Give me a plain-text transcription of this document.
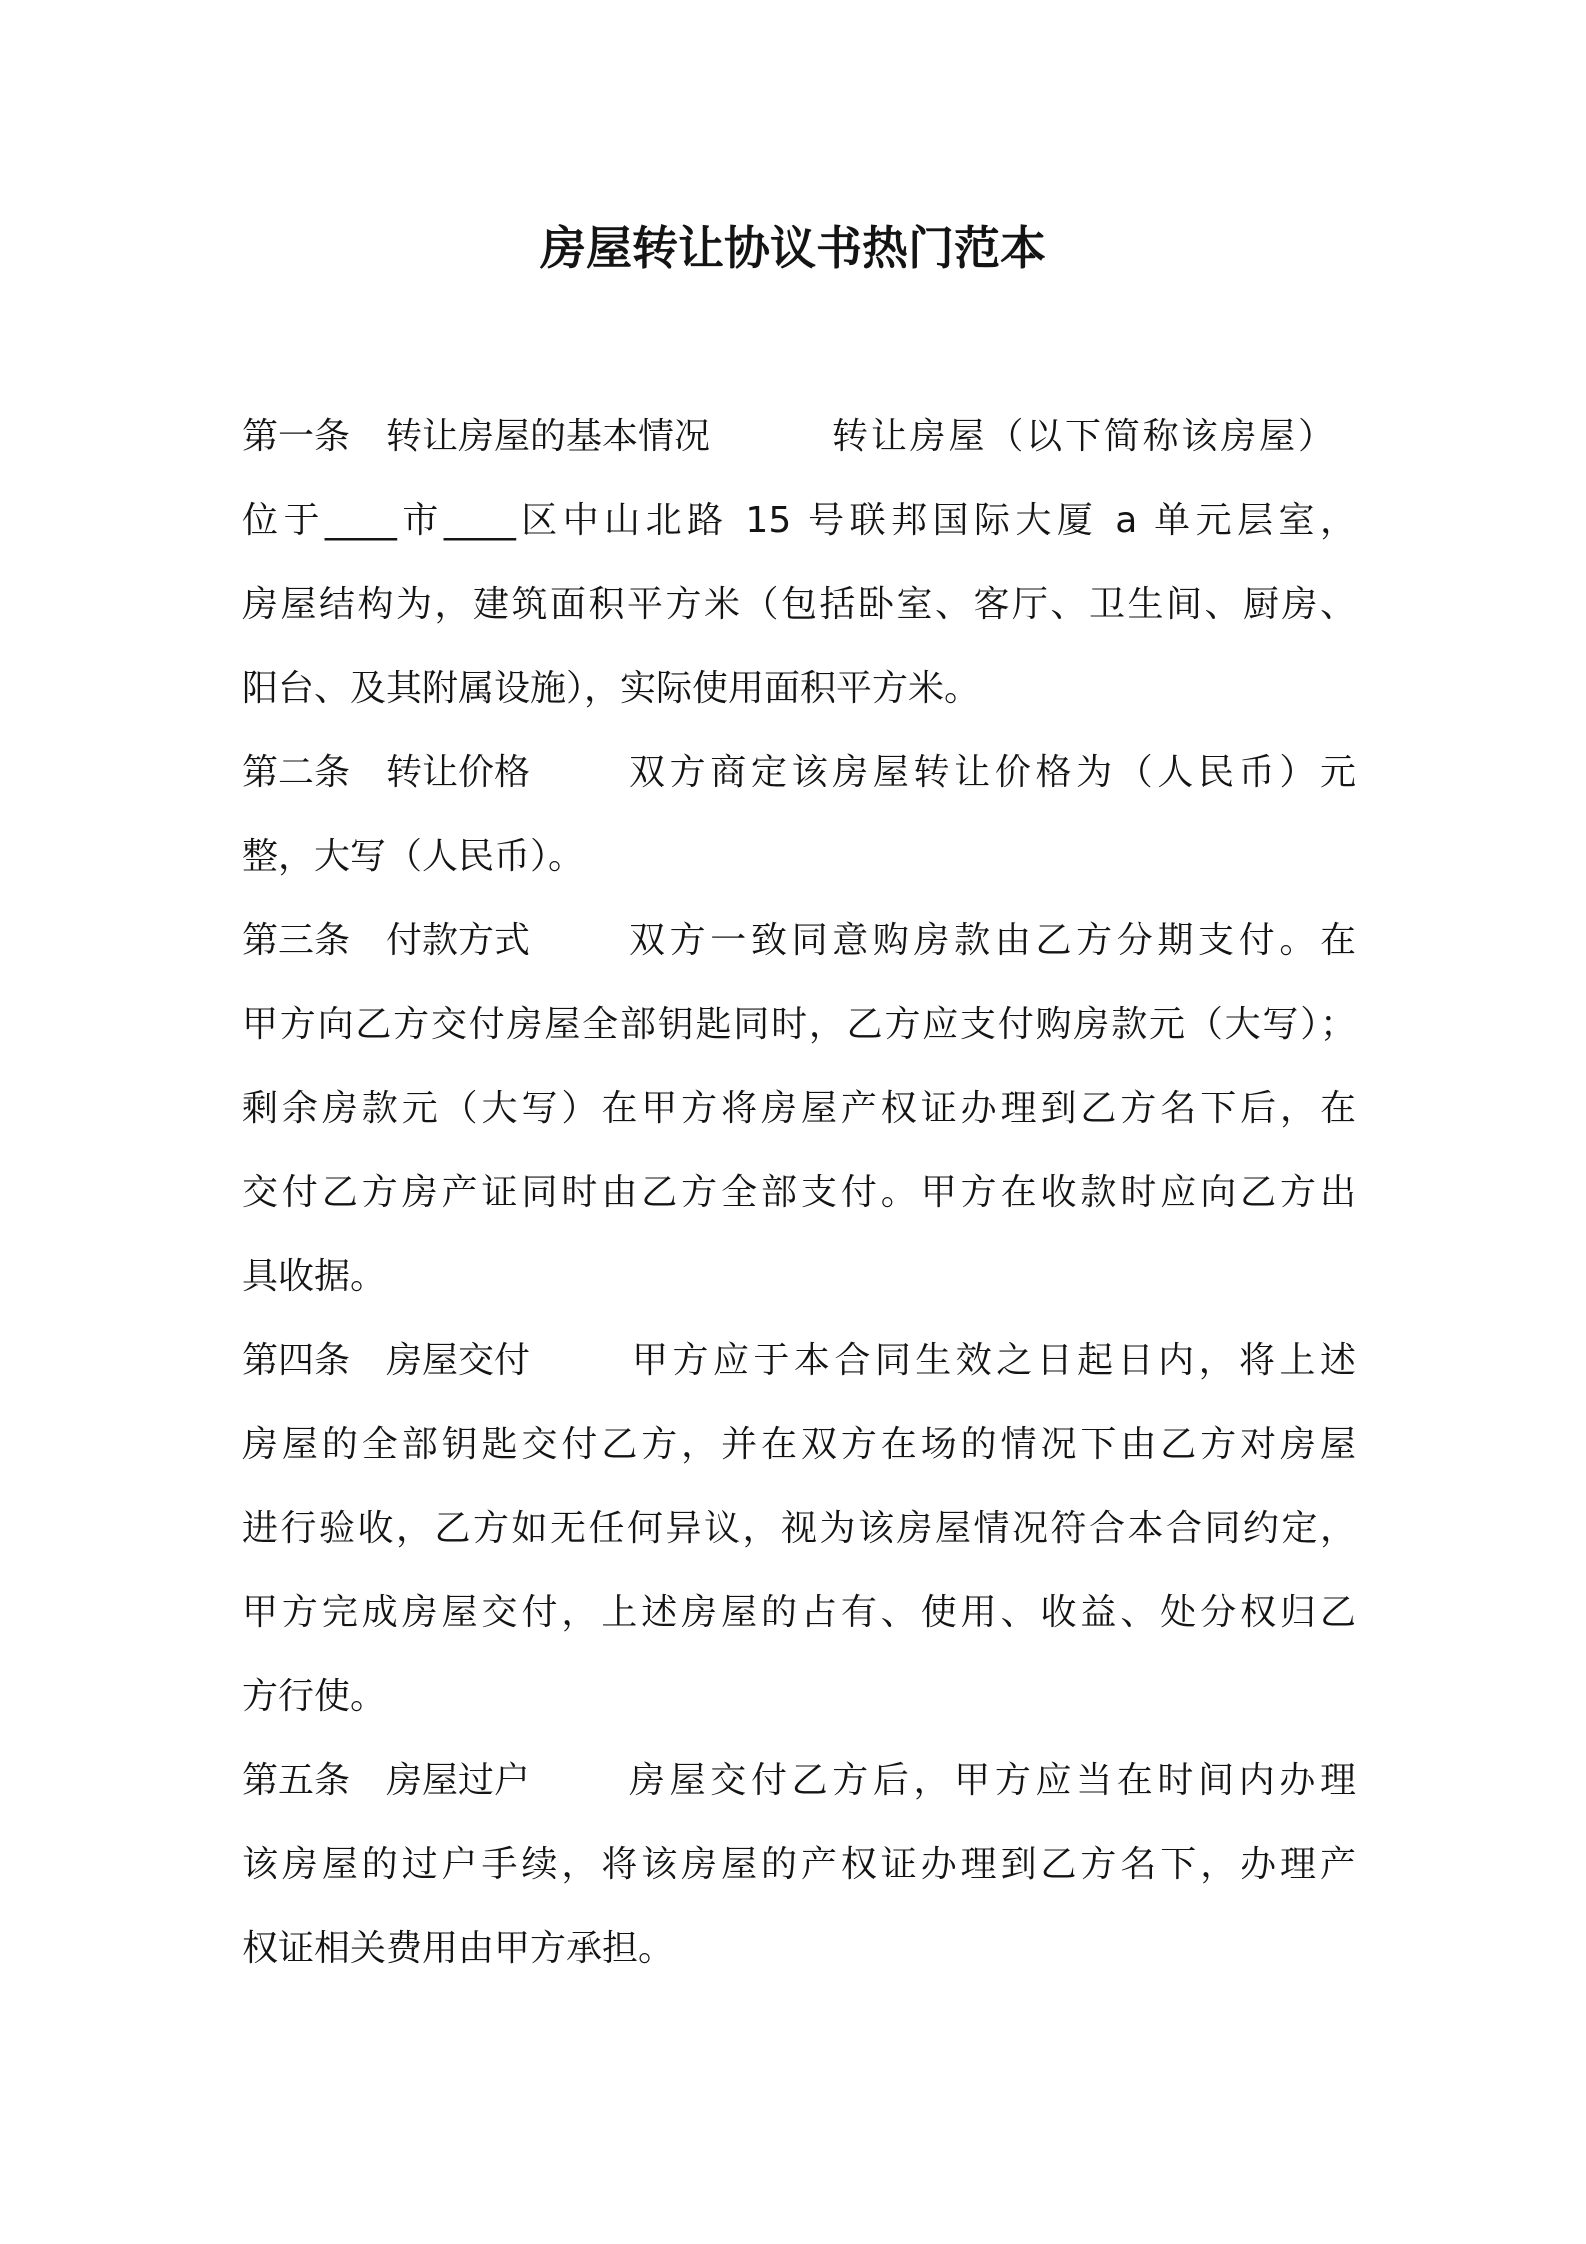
房屋转让协议书热门范本
第一条 转让房屋的基本情况	转让房屋（以下简称该房屋）
位于____市____区中山北路 15 号联邦国际大厦 a 单元层室，
房屋结构为，建筑面积平方米（包括卧室、客厅、卫生间、厨房、
阳台、及其附属设施），实际使用面积平方米。
第二条 转让价格	双方商定该房屋转让价格为（人民币）元
整，大写（人民币）。
第三条 付款方式	双方一致同意购房款由乙方分期支付。在
甲方向乙方交付房屋全部钥匙同时，乙方应支付购房款元（大写）；
剩余房款元（大写）在甲方将房屋产权证办理到乙方名下后，在
交付乙方房产证同时由乙方全部支付。甲方在收款时应向乙方出
具收据。
第四条 房屋交付	甲方应于本合同生效之日起日内，将上述
房屋的全部钥匙交付乙方，并在双方在场的情况下由乙方对房屋
进行验收，乙方如无任何异议，视为该房屋情况符合本合同约定，
甲方完成房屋交付，上述房屋的占有、使用、收益、处分权归乙
方行使。
第五条 房屋过户	房屋交付乙方后，甲方应当在时间内办理
该房屋的过户手续，将该房屋的产权证办理到乙方名下，办理产
权证相关费用由甲方承担。
